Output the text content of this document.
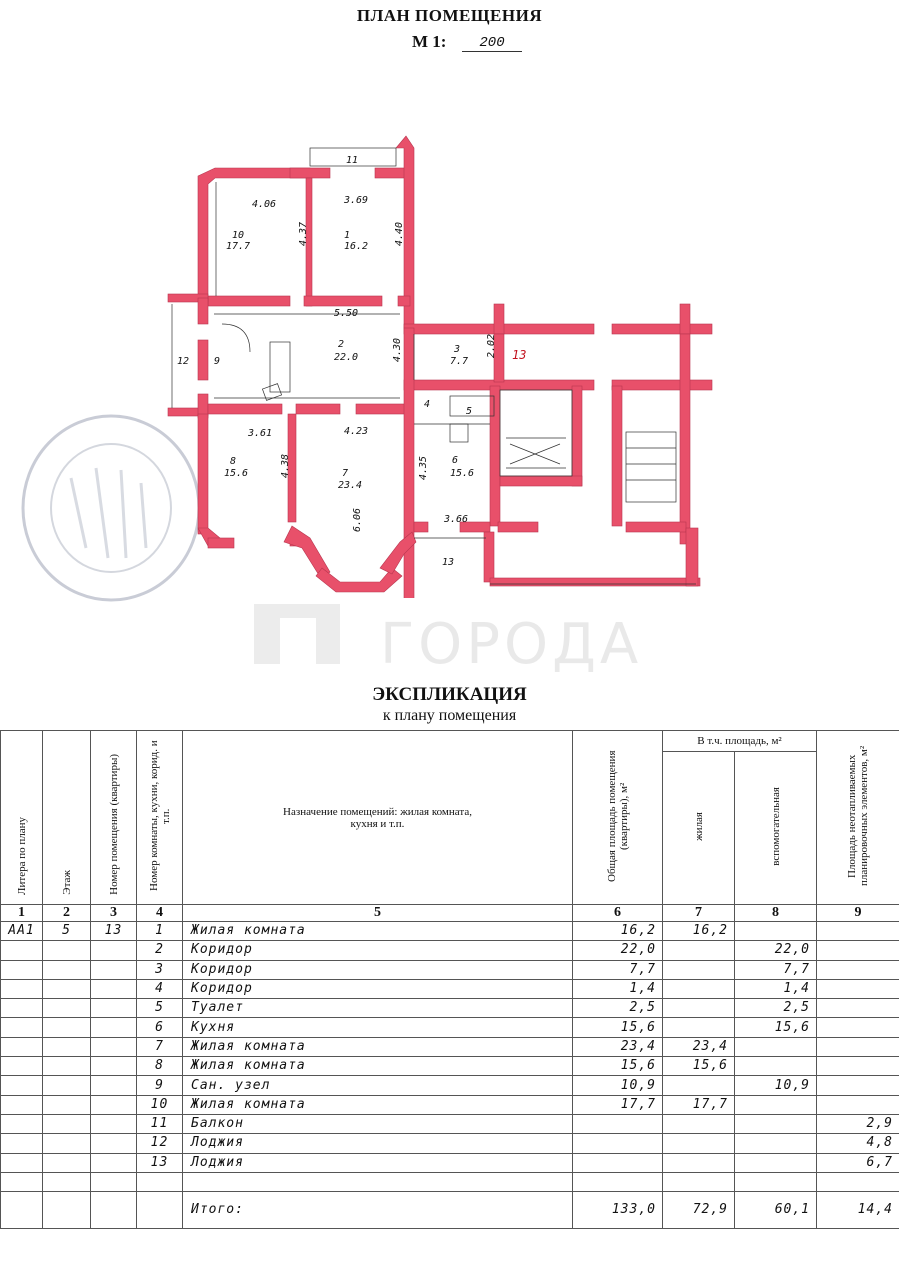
ПЛАН ПОМЕЩЕНИЯ
М 1:	200
ГОРОДА
4.06	3.69
4.37	4.40
5.50
4.30	2.02
3.61	4.23
4.38
6.06
4.35
3.66
1
16.2
2
22.0
3
7.7
4
5
6
15.6
7
23.4
8
15.6
9
10
17.7
11
12
13
13
ЭКСПЛИКАЦИЯ
к плану помещения
Литера по плану	Этаж	Номер помещения (квартиры)	Номер комнаты, кухни, корид. и т.п.	Назначение помещений: жилая комната, кухня и т.п.	Общая площадь помещения (квартиры), м²	В т.ч. площадь, м²		Площадь неотапливаемых планировочных элементов, м²
						жилая	вспомогательная	
1	2	3	4	5	6	7	8	9
АА1	5	13	1	Жилая комната	16,2	16,2		
			2	Коридор	22,0		22,0	
			3	Коридор	7,7		7,7	
			4	Коридор	1,4		1,4	
			5	Туалет	2,5		2,5	
			6	Кухня	15,6		15,6	
			7	Жилая комната	23,4	23,4		
			8	Жилая комната	15,6	15,6		
			9	Сан. узел	10,9		10,9	
			10	Жилая комната	17,7	17,7		
			11	Балкон				2,9
			12	Лоджия				4,8
			13	Лоджия				6,7

				Итого:	133,0	72,9	60,1	14,4
